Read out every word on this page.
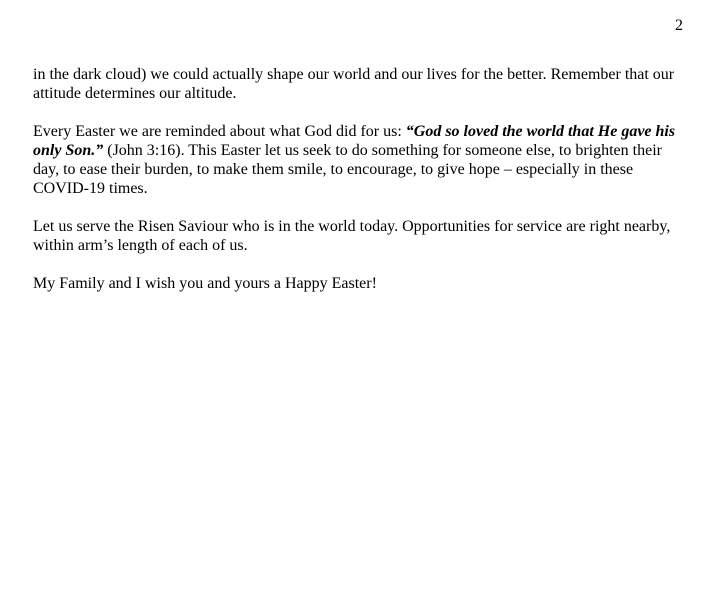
2

in the dark cloud) we could actually shape our world and our lives for the better. Remember that our attitude determines our altitude.

Every Easter we are reminded about what God did for us: “God so loved the world that He gave his only Son.” (John 3:16). This Easter let us seek to do something for someone else, to brighten their day, to ease their burden, to make them smile, to encourage, to give hope – especially in these COVID-19 times.

Let us serve the Risen Saviour who is in the world today. Opportunities for service are right nearby, within arm’s length of each of us.

My Family and I wish you and yours a Happy Easter!
